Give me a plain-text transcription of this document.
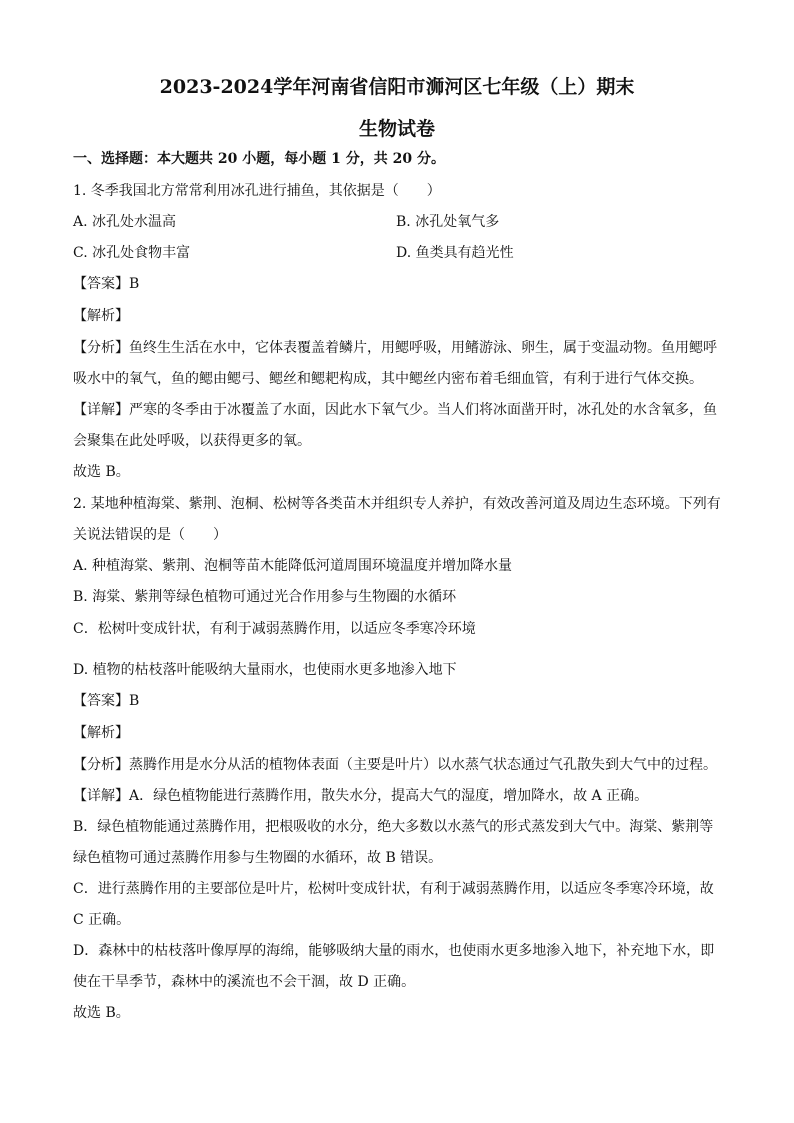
2023-2024学年河南省信阳市浉河区七年级（上）期末
生物试卷
一、选择题：本大题共 20 小题，每小题 1 分，共 20 分。
1. 冬季我国北方常常利用冰孔进行捕鱼，其依据是（　　）
A. 冰孔处水温高	B. 冰孔处氧气多
C. 冰孔处食物丰富	D. 鱼类具有趋光性
【答案】B
【解析】
【分析】鱼终生生活在水中，它体表覆盖着鳞片，用鳃呼吸，用鳍游泳、卵生，属于变温动物。鱼用鳃呼
吸水中的氧气，鱼的鳃由鳃弓、鳃丝和鳃耙构成，其中鳃丝内密布着毛细血管，有利于进行气体交换。
【详解】严寒的冬季由于冰覆盖了水面，因此水下氧气少。当人们将冰面凿开时，冰孔处的水含氧多，鱼
会聚集在此处呼吸，以获得更多的氧。
故选 B。
2. 某地种植海棠、紫荆、泡桐、松树等各类苗木并组织专人养护，有效改善河道及周边生态环境。下列有
关说法错误的是（　　）
A. 种植海棠、紫荆、泡桐等苗木能降低河道周围环境温度并增加降水量
B. 海棠、紫荆等绿色植物可通过光合作用参与生物圈的水循环
C．松树叶变成针状，有利于减弱蒸腾作用，以适应冬季寒冷环境
D. 植物的枯枝落叶能吸纳大量雨水，也使雨水更多地渗入地下
【答案】B
【解析】
【分析】蒸腾作用是水分从活的植物体表面（主要是叶片）以水蒸气状态通过气孔散失到大气中的过程。
【详解】A．绿色植物能进行蒸腾作用，散失水分，提高大气的湿度，增加降水，故 A 正确。
B．绿色植物能通过蒸腾作用，把根吸收的水分，绝大多数以水蒸气的形式蒸发到大气中。海棠、紫荆等
绿色植物可通过蒸腾作用参与生物圈的水循环，故 B 错误。
C．进行蒸腾作用的主要部位是叶片，松树叶变成针状，有利于减弱蒸腾作用，以适应冬季寒冷环境，故
C 正确。
D．森林中的枯枝落叶像厚厚的海绵，能够吸纳大量的雨水，也使雨水更多地渗入地下，补充地下水，即
使在干旱季节，森林中的溪流也不会干涸，故 D 正确。
故选 B。
